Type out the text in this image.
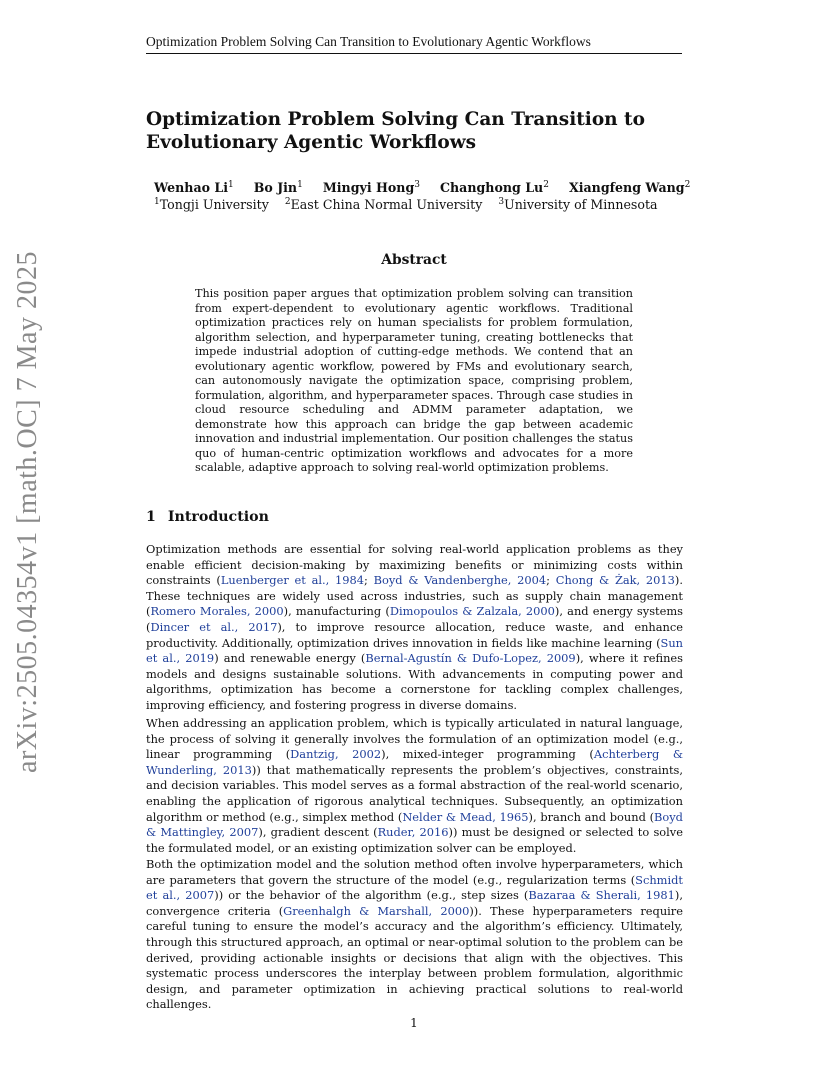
arXiv:2505.04354v1 [math.OC] 7 May 2025
Optimization Problem Solving Can Transition to Evolutionary Agentic Workflows
Optimization Problem Solving Can Transition to Evolutionary Agentic Workflows
Wenhao Li$^1$ Bo Jin$^1$ Mingyi Hong$^3$ Changhong Lu$^2$ Xiangfeng Wang$^2$
$^1$Tongji University $^2$East China Normal University $^3$University of Minnesota
Abstract

This position paper argues that optimization problem solving can transition from expert-dependent to evolutionary agentic workflows. Traditional optimization practices rely on human specialists for problem formulation, algorithm selection, and hyperparameter tuning, creating bottlenecks that impede industrial adoption of cutting-edge methods. We contend that an evolutionary agentic workflow, powered by FMs and evolutionary search, can autonomously navigate the optimization space, comprising problem, formulation, algorithm, and hyperparameter spaces. Through case studies in cloud resource scheduling and ADMM parameter adaptation, we demonstrate how this approach can bridge the gap between academic innovation and industrial implementation. Our position challenges the status quo of human-centric optimization workflows and advocates for a more scalable, adaptive approach to solving real-world optimization problems.

1 Introduction

Optimization methods are essential for solving real-world application problems as they enable efficient decision-making by maximizing benefits or minimizing costs within constraints (Luenberger et al., 1984; Boyd & Vandenberghe, 2004; Chong & Żak, 2013). These techniques are widely used across industries, such as supply chain management (Romero Morales, 2000), manufacturing (Dimopoulos & Zalzala, 2000), and energy systems (Dincer et al., 2017), to improve resource allocation, reduce waste, and enhance productivity. Additionally, optimization drives innovation in fields like machine learning (Sun et al., 2019) and renewable energy (Bernal-Agustín & Dufo-Lopez, 2009), where it refines models and designs sustainable solutions. With advancements in computing power and algorithms, optimization has become a cornerstone for tackling complex challenges, improving efficiency, and fostering progress in diverse domains.

When addressing an application problem, which is typically articulated in natural language, the process of solving it generally involves the formulation of an optimization model (e.g., linear programming (Dantzig, 2002), mixed-integer programming (Achterberg & Wunderling, 2013)) that mathematically represents the problem’s objectives, constraints, and decision variables. This model serves as a formal abstraction of the real-world scenario, enabling the application of rigorous analytical techniques. Subsequently, an optimization algorithm or method (e.g., simplex method (Nelder & Mead, 1965), branch and bound (Boyd & Mattingley, 2007), gradient descent (Ruder, 2016)) must be designed or selected to solve the formulated model, or an existing optimization solver can be employed.

Both the optimization model and the solution method often involve hyperparameters, which are parameters that govern the structure of the model (e.g., regularization terms (Schmidt et al., 2007)) or the behavior of the algorithm (e.g., step sizes (Bazaraa & Sherali, 1981), convergence criteria (Greenhalgh & Marshall, 2000)). These hyperparameters require careful tuning to ensure the model’s accuracy and the algorithm’s efficiency. Ultimately, through this structured approach, an optimal or near-optimal solution to the problem can be derived, providing actionable insights or decisions that align with the objectives. This systematic process underscores the interplay between problem formulation, algorithmic design, and parameter optimization in achieving practical solutions to real-world challenges.

1
